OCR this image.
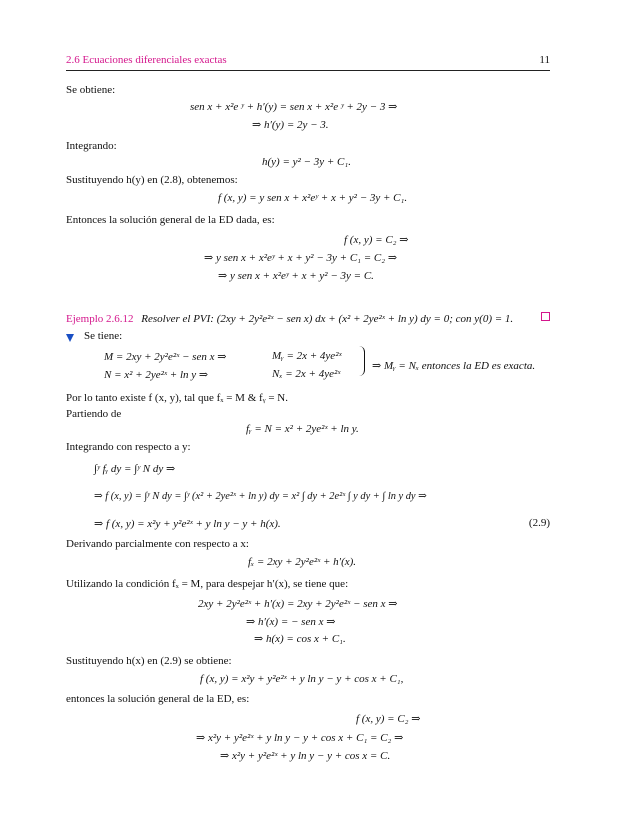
2.6 Ecuaciones diferenciales exactas	11
Se obtiene:
sen x + x²e ʸ + h′(y) = sen x + x²e ʸ + 2y − 3 ⇒
⇒ h′(y) = 2y − 3.
Integrando:
h(y) = y² − 3y + C₁.
Sustituyendo h(y) en (2.8), obtenemos:
f (x, y) = y sen x + x²eʸ + x + y² − 3y + C₁.
Entonces la solución general de la ED dada, es:
f (x, y) = C₂ ⇒
⇒ y sen x + x²eʸ + x + y² − 3y + C₁ = C₂ ⇒
⇒ y sen x + x²eʸ + x + y² − 3y = C.
Ejemplo 2.6.12 Resolver el PVI: (2xy + 2y²e²ˣ − sen x) dx + (x² + 2ye²ˣ + ln y) dy = 0; con y(0) = 1.
Se tiene:
M = 2xy + 2y²e²ˣ − sen x ⇒
N = x² + 2ye²ˣ + ln y ⇒
Mᵧ = 2x + 4ye²ˣ
Nₓ = 2x + 4ye²ˣ
⇒ Mᵧ = Nₓ entonces la ED es exacta.
Por lo tanto existe f (x, y), tal que fₓ = M & fᵧ = N.
Partiendo de
fᵧ = N = x² + 2ye²ˣ + ln y.
Integrando con respecto a y:
∫ʸ fᵧ dy = ∫ʸ N dy ⇒
⇒ f (x, y) = ∫ʸ N dy = ∫ʸ (x² + 2ye²ˣ + ln y) dy = x² ∫ dy + 2e²ˣ ∫ y dy + ∫ ln y dy ⇒
⇒ f (x, y) = x²y + y²e²ˣ + y ln y − y + h(x).	(2.9)
Derivando parcialmente con respecto a x:
fₓ = 2xy + 2y²e²ˣ + h′(x).
Utilizando la condición fₓ = M, para despejar h′(x), se tiene que:
2xy + 2y²e²ˣ + h′(x) = 2xy + 2y²e²ˣ − sen x ⇒
⇒ h′(x) = − sen x ⇒
⇒ h(x) = cos x + C₁.
Sustituyendo h(x) en (2.9) se obtiene:
f (x, y) = x²y + y²e²ˣ + y ln y − y + cos x + C₁,
entonces la solución general de la ED, es:
f (x, y) = C₂ ⇒
⇒ x²y + y²e²ˣ + y ln y − y + cos x + C₁ = C₂ ⇒
⇒ x²y + y²e²ˣ + y ln y − y + cos x = C.
